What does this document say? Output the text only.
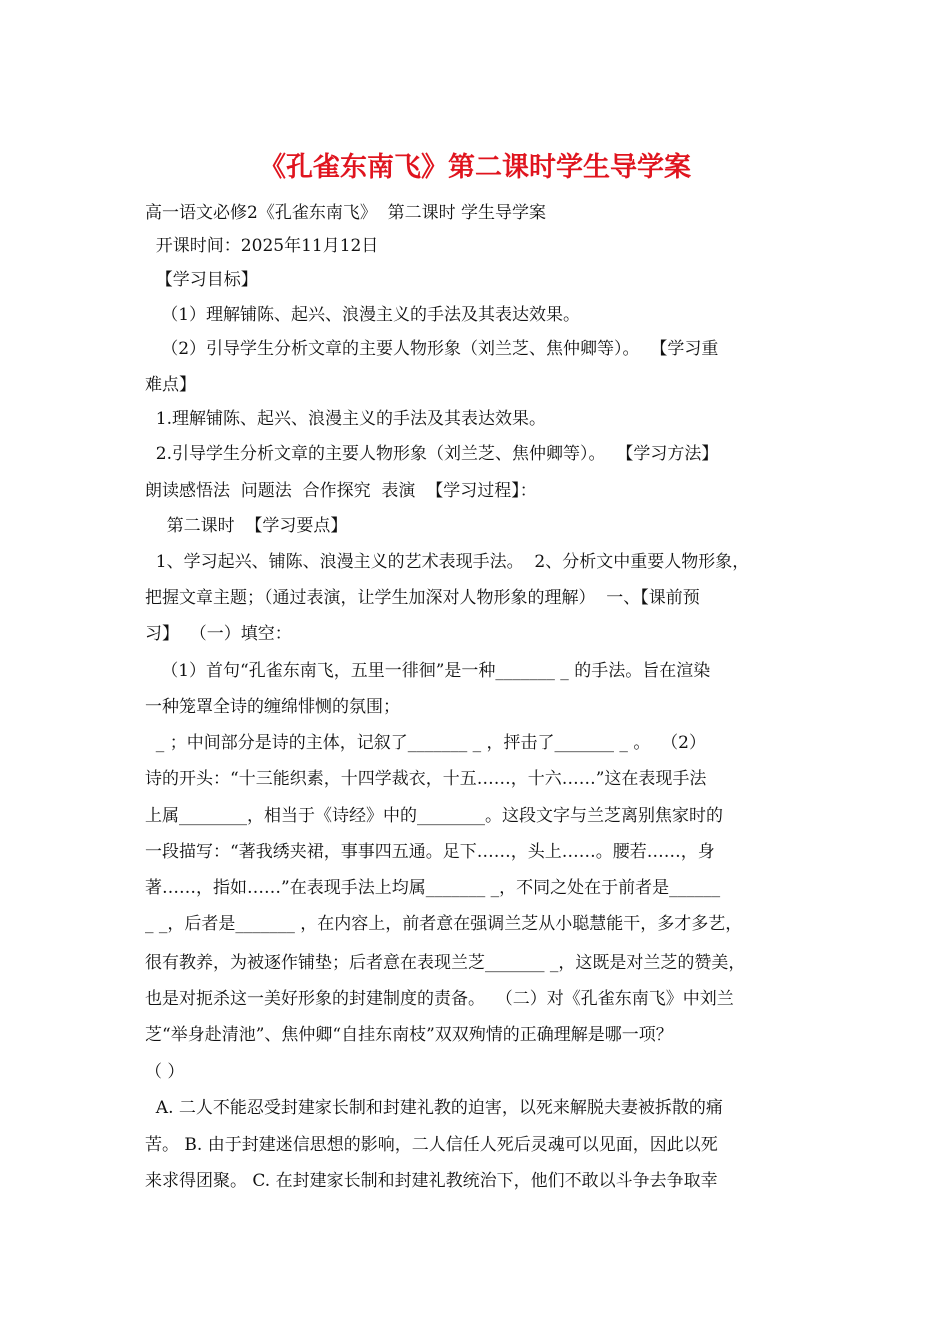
《孔雀东南飞》第二课时学生导学案

高一语文必修2《孔雀东南飞》  第二课时 学生导学案

开课时间：2025年11月12日

【学习目标】

（1）理解铺陈、起兴、浪漫主义的手法及其表达效果。

（2）引导学生分析文章的主要人物形象（刘兰芝、焦仲卿等）。  【学习重

难点】

1.理解铺陈、起兴、浪漫主义的手法及其表达效果。

2.引导学生分析文章的主要人物形象（刘兰芝、焦仲卿等）。  【学习方法】

朗读感悟法  问题法  合作探究  表演  【学习过程】：

第二课时  【学习要点】

1、学习起兴、铺陈、浪漫主义的艺术表现手法。  2、分析文中重要人物形象，

把握文章主题；（通过表演，让学生加深对人物形象的理解）  一、【课前预

习】  （一）填空：

（1）首句“孔雀东南飞，五里一徘徊”是一种_______ _ 的手法。旨在渲染

一种笼罩全诗的缠绵悱恻的氛围；

_ ；中间部分是诗的主体，记叙了_______ _ ，抨击了_______ _ 。  （2）

诗的开头：“十三能织素，十四学裁衣，十五……，十六……”这在表现手法

上属________，相当于《诗经》中的________。这段文字与兰芝离别焦家时的

一段描写：“著我绣夹裙，事事四五通。足下……，头上……。腰若……，身

著……，指如……”在表现手法上均属_______ _，不同之处在于前者是______

_ _，后者是_______ ，在内容上，前者意在强调兰芝从小聪慧能干，多才多艺，

很有教养，为被逐作铺垫；后者意在表现兰芝_______ _，这既是对兰芝的赞美，

也是对扼杀这一美好形象的封建制度的责备。  （二）对《孔雀东南飞》中刘兰

芝“举身赴清池”、焦仲卿“自挂东南枝”双双殉情的正确理解是哪一项？

（ ）

A. 二人不能忍受封建家长制和封建礼教的迫害，以死来解脱夫妻被拆散的痛

苦。 B. 由于封建迷信思想的影响，二人信任人死后灵魂可以见面，因此以死

来求得团聚。 C. 在封建家长制和封建礼教统治下，他们不敢以斗争去争取幸
